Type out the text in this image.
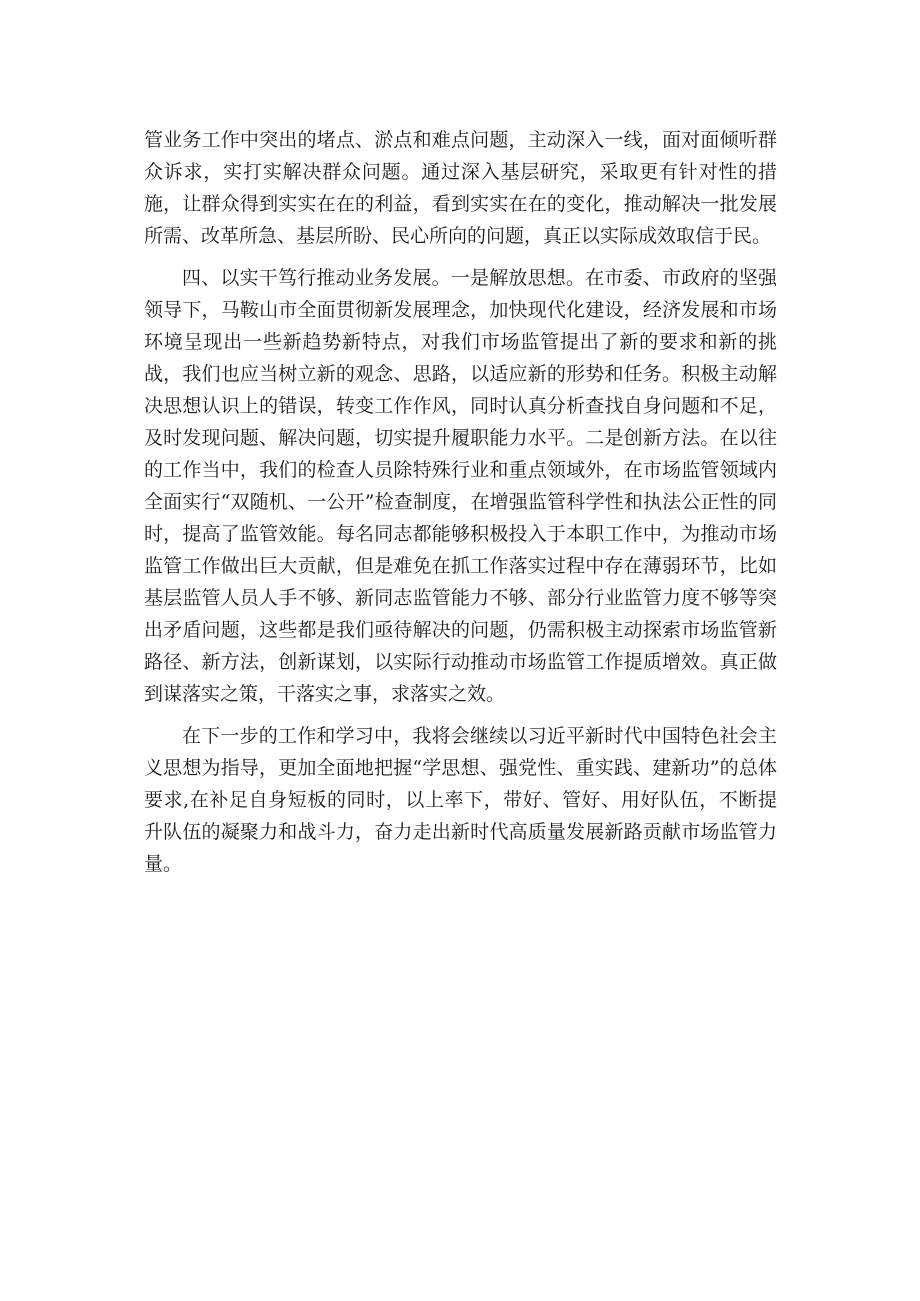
管业务工作中突出的堵点、淤点和难点问题，主动深入一线，面对面倾听群众诉求，实打实解决群众问题。通过深入基层研究，采取更有针对性的措施，让群众得到实实在在的利益，看到实实在在的变化，推动解决一批发展所需、改革所急、基层所盼、民心所向的问题，真正以实际成效取信于民。

四、以实干笃行推动业务发展。一是解放思想。在市委、市政府的坚强领导下，马鞍山市全面贯彻新发展理念，加快现代化建设，经济发展和市场环境呈现出一些新趋势新特点，对我们市场监管提出了新的要求和新的挑战，我们也应当树立新的观念、思路，以适应新的形势和任务。积极主动解决思想认识上的错误，转变工作作风，同时认真分析查找自身问题和不足，及时发现问题、解决问题，切实提升履职能力水平。二是创新方法。在以往的工作当中，我们的检查人员除特殊行业和重点领域外，在市场监管领域内全面实行“双随机、一公开”检查制度，在增强监管科学性和执法公正性的同时，提高了监管效能。每名同志都能够积极投入于本职工作中，为推动市场监管工作做出巨大贡献，但是难免在抓工作落实过程中存在薄弱环节，比如基层监管人员人手不够、新同志监管能力不够、部分行业监管力度不够等突出矛盾问题，这些都是我们亟待解决的问题，仍需积极主动探索市场监管新路径、新方法，创新谋划，以实际行动推动市场监管工作提质增效。真正做到谋落实之策，干落实之事，求落实之效。

在下一步的工作和学习中，我将会继续以习近平新时代中国特色社会主义思想为指导，更加全面地把握“学思想、强党性、重实践、建新功”的总体要求,在补足自身短板的同时，以上率下，带好、管好、用好队伍，不断提升队伍的凝聚力和战斗力，奋力走出新时代高质量发展新路贡献市场监管力量。
